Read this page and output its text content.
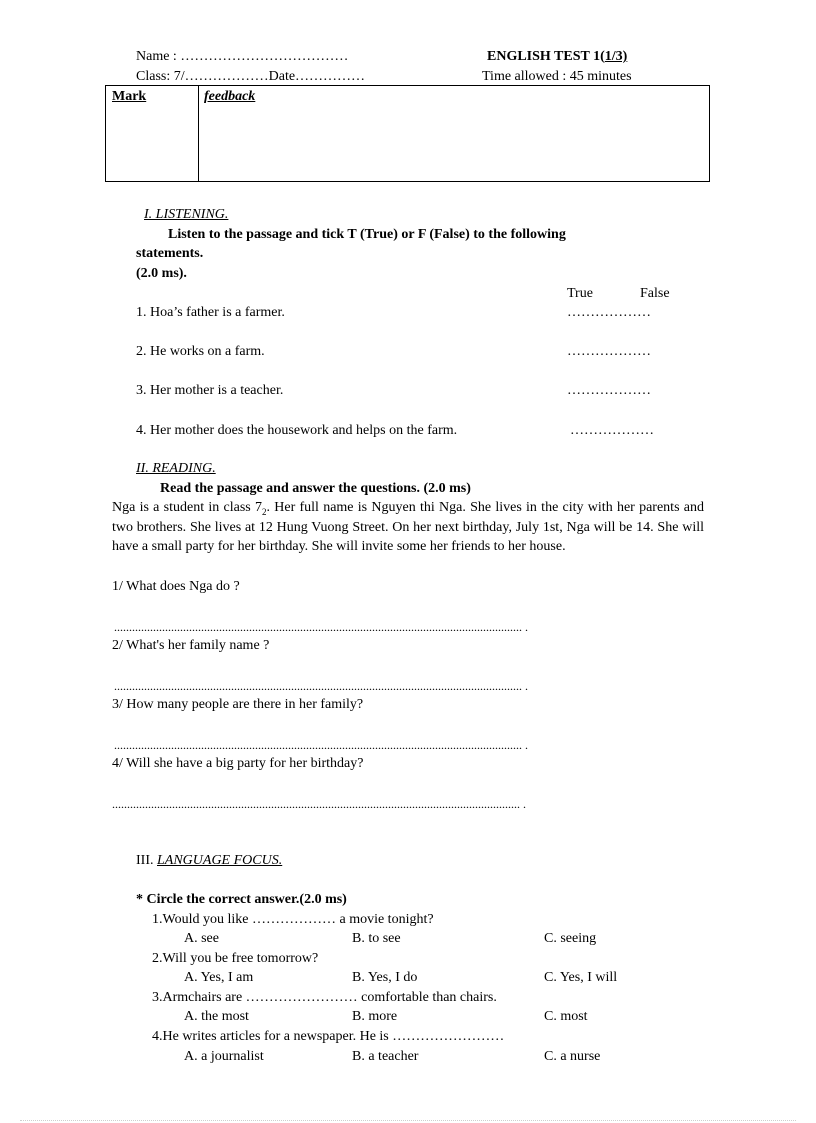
Name : ………………………………
Class: 7/………………Date……………
ENGLISH TEST 1(1/3)
Time allowed : 45 minutes
Mark	feedback
I. LISTENING.
Listen to the passage and tick T (True) or F (False) to the following
statements.
(2.0 ms).
True	False
1. Hoa’s father is a farmer.	………………
2. He works on a farm.	………………
3. Her mother is a teacher.	………………
4. Her mother does the housework and helps on the farm.	………………
II. READING.
Read the passage and answer the questions. (2.0 ms)
Nga is a student in class $7_2$. Her full name is Nguyen thi Nga. She lives in the city with her parents and two brothers. She lives at 12 Hung Vuong Street. On her next birthday, July 1st, Nga will be 14. She will have a small party for her birthday. She will invite some her friends to her house.
1/ What does Nga do ?
........................................................................................................................................ .
2/ What's her family name ?
........................................................................................................................................ .
3/ How many people are there in her family?
........................................................................................................................................ .
4/ Will she have a big party for her birthday?
........................................................................................................................................ .
III. LANGUAGE FOCUS.
* Circle the correct answer.(2.0 ms)
1.Would you like ……………… a movie tonight?
A. see	B. to see	C. seeing
2.Will you be free tomorrow?
A. Yes, I am	B. Yes, I do	C. Yes, I will
3.Armchairs are …………………… comfortable than chairs.
A. the most	B. more	C. most
4.He writes articles for a newspaper. He is ……………………
A. a journalist	B. a teacher	C. a nurse
